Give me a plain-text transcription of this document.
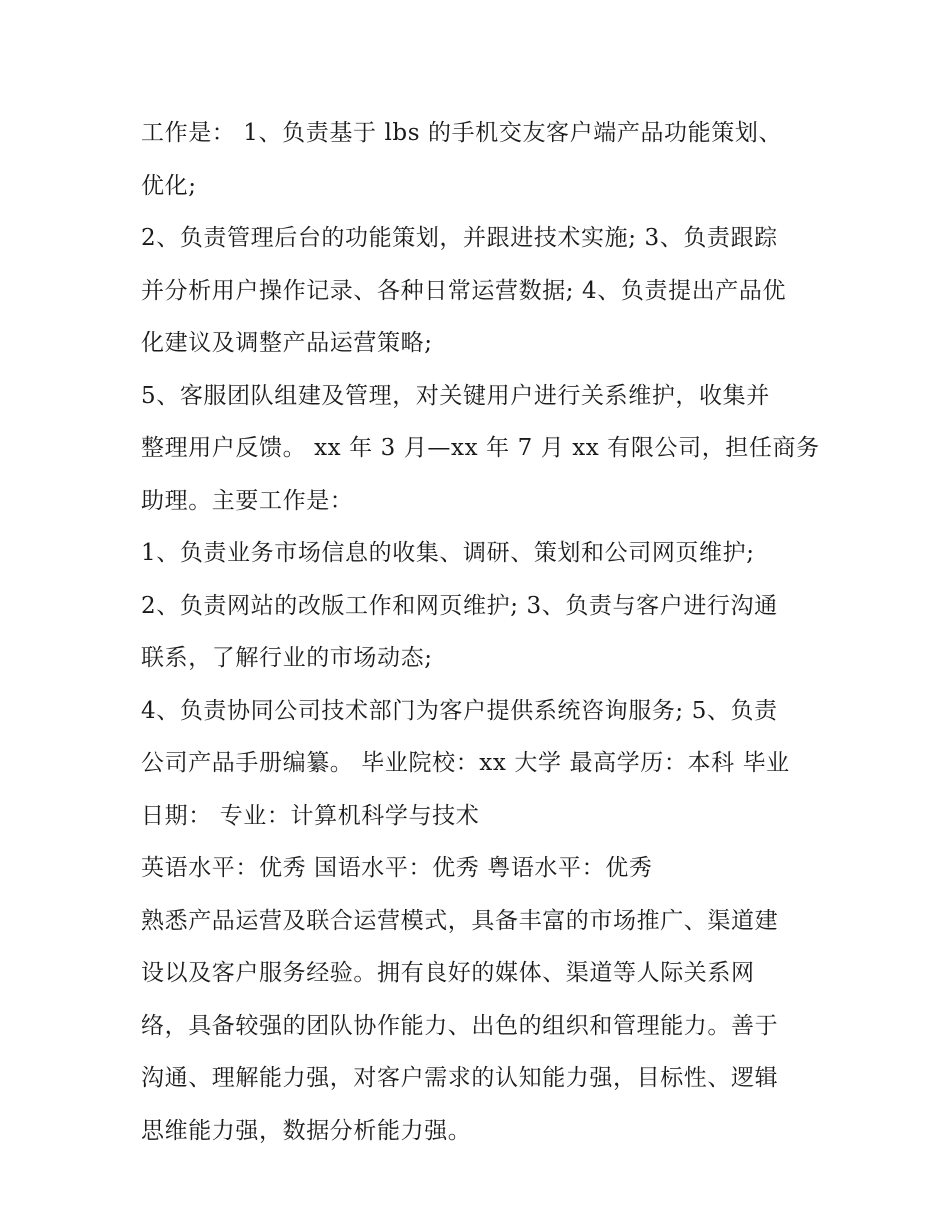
工作是： 1、负责基于 lbs 的手机交友客户端产品功能策划、
优化;
2、负责管理后台的功能策划，并跟进技术实施; 3、负责跟踪
并分析用户操作记录、各种日常运营数据; 4、负责提出产品优
化建议及调整产品运营策略;
5、客服团队组建及管理，对关键用户进行关系维护，收集并
整理用户反馈。 xx 年 3 月—xx 年 7 月 xx 有限公司，担任商务
助理。主要工作是：
1、负责业务市场信息的收集、调研、策划和公司网页维护;
2、负责网站的改版工作和网页维护; 3、负责与客户进行沟通
联系，了解行业的市场动态;
4、负责协同公司技术部门为客户提供系统咨询服务; 5、负责
公司产品手册编纂。 毕业院校：xx 大学 最高学历：本科 毕业
日期： 专业：计算机科学与技术
英语水平：优秀 国语水平：优秀 粤语水平：优秀
熟悉产品运营及联合运营模式，具备丰富的市场推广、渠道建
设以及客户服务经验。拥有良好的媒体、渠道等人际关系网
络，具备较强的团队协作能力、出色的组织和管理能力。善于
沟通、理解能力强，对客户需求的认知能力强，目标性、逻辑
思维能力强，数据分析能力强。
